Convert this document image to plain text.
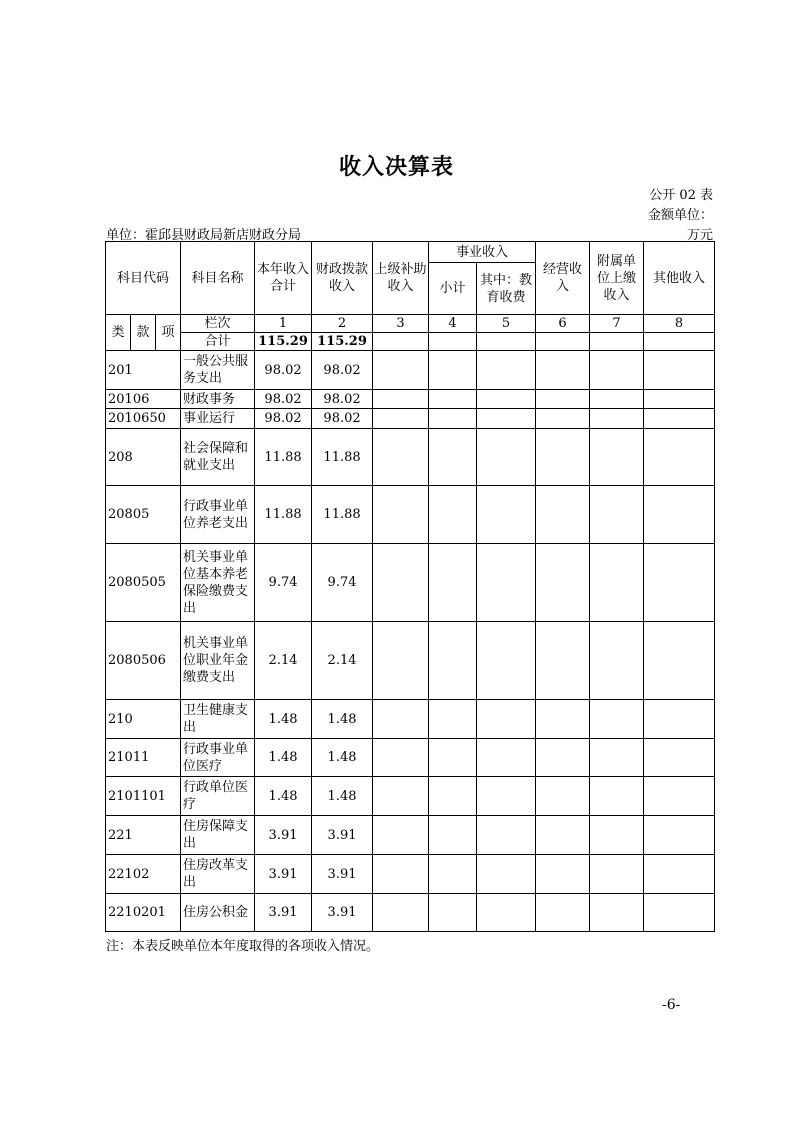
收入决算表
公开 02 表
金额单位：
单位：霍邱县财政局新店财政分局	万元
科目代码			科目名称	本年收入合计	财政拨款收入	上级补助收入	事业收入		经营收入	附属单位上缴收入	其他收入
							小计	其中：教育收费			
类	款	项	栏次	1	2	3	4	5	6	7	8
			合计	115.29	115.29						
201			一般公共服务支出	98.02	98.02						
20106			财政事务	98.02	98.02						
2010650			事业运行	98.02	98.02						
208			社会保障和就业支出	11.88	11.88						
20805			行政事业单位养老支出	11.88	11.88						
2080505			机关事业单位基本养老保险缴费支出	9.74	9.74						
2080506			机关事业单位职业年金缴费支出	2.14	2.14						
210			卫生健康支出	1.48	1.48						
21011			行政事业单位医疗	1.48	1.48						
2101101			行政单位医疗	1.48	1.48						
221			住房保障支出	3.91	3.91						
22102			住房改革支出	3.91	3.91						
2210201			住房公积金	3.91	3.91						
注：本表反映单位本年度取得的各项收入情况。
-6-
